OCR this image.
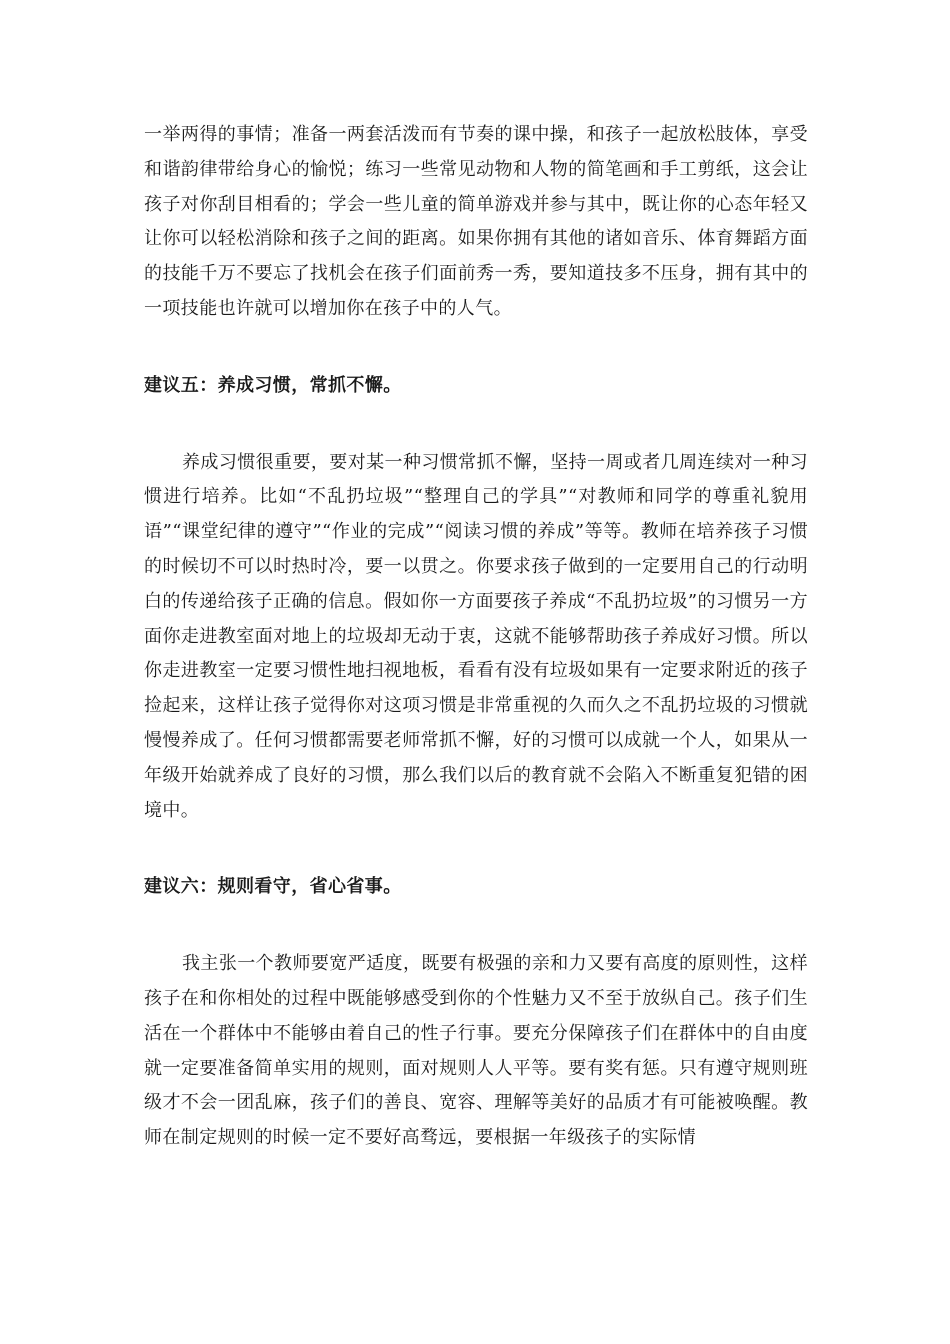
一举两得的事情；准备一两套活泼而有节奏的课中操，和孩子一起放松肢体，享受和谐韵律带给身心的愉悦；练习一些常见动物和人物的简笔画和手工剪纸，这会让孩子对你刮目相看的；学会一些儿童的简单游戏并参与其中，既让你的心态年轻又让你可以轻松消除和孩子之间的距离。如果你拥有其他的诸如音乐、体育舞蹈方面的技能千万不要忘了找机会在孩子们面前秀一秀，要知道技多不压身，拥有其中的一项技能也许就可以增加你在孩子中的人气。

建议五：养成习惯，常抓不懈。

养成习惯很重要，要对某一种习惯常抓不懈，坚持一周或者几周连续对一种习惯进行培养。比如“不乱扔垃圾”“整理自己的学具”“对教师和同学的尊重礼貌用语”“课堂纪律的遵守”“作业的完成”“阅读习惯的养成”等等。教师在培养孩子习惯的时候切不可以时热时冷，要一以贯之。你要求孩子做到的一定要用自己的行动明白的传递给孩子正确的信息。假如你一方面要孩子养成“不乱扔垃圾”的习惯另一方面你走进教室面对地上的垃圾却无动于衷，这就不能够帮助孩子养成好习惯。所以你走进教室一定要习惯性地扫视地板，看看有没有垃圾如果有一定要求附近的孩子捡起来，这样让孩子觉得你对这项习惯是非常重视的久而久之不乱扔垃圾的习惯就慢慢养成了。任何习惯都需要老师常抓不懈，好的习惯可以成就一个人，如果从一年级开始就养成了良好的习惯，那么我们以后的教育就不会陷入不断重复犯错的困境中。

建议六：规则看守，省心省事。

我主张一个教师要宽严适度，既要有极强的亲和力又要有高度的原则性，这样孩子在和你相处的过程中既能够感受到你的个性魅力又不至于放纵自己。孩子们生活在一个群体中不能够由着自己的性子行事。要充分保障孩子们在群体中的自由度就一定要准备简单实用的规则，面对规则人人平等。要有奖有惩。只有遵守规则班级才不会一团乱麻，孩子们的善良、宽容、理解等美好的品质才有可能被唤醒。教师在制定规则的时候一定不要好高骛远，要根据一年级孩子的实际情
